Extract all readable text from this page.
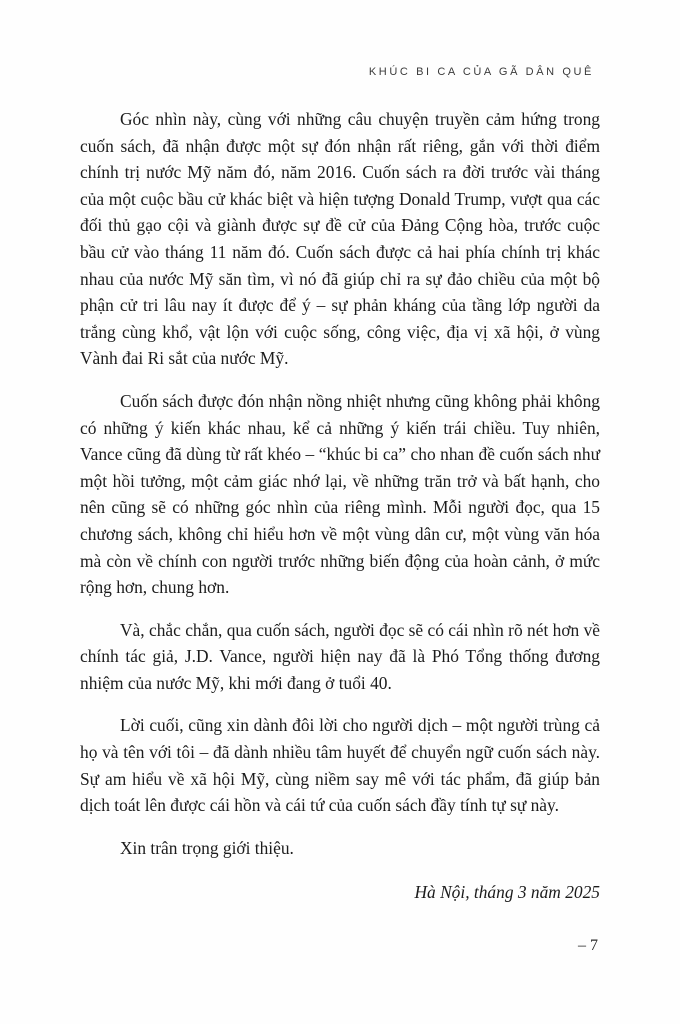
KHÚC BI CA CỦA GÃ DÂN QUÊ

Góc nhìn này, cùng với những câu chuyện truyền cảm hứng trong cuốn sách, đã nhận được một sự đón nhận rất riêng, gắn với thời điểm chính trị nước Mỹ năm đó, năm 2016. Cuốn sách ra đời trước vài tháng của một cuộc bầu cử khác biệt và hiện tượng Donald Trump, vượt qua các đối thủ gạo cội và giành được sự đề cử của Đảng Cộng hòa, trước cuộc bầu cử vào tháng 11 năm đó. Cuốn sách được cả hai phía chính trị khác nhau của nước Mỹ săn tìm, vì nó đã giúp chỉ ra sự đảo chiều của một bộ phận cử tri lâu nay ít được để ý – sự phản kháng của tầng lớp người da trắng cùng khổ, vật lộn với cuộc sống, công việc, địa vị xã hội, ở vùng Vành đai Ri sắt của nước Mỹ.

Cuốn sách được đón nhận nồng nhiệt nhưng cũng không phải không có những ý kiến khác nhau, kể cả những ý kiến trái chiều. Tuy nhiên, Vance cũng đã dùng từ rất khéo – “khúc bi ca” cho nhan đề cuốn sách như một hồi tưởng, một cảm giác nhớ lại, về những trăn trở và bất hạnh, cho nên cũng sẽ có những góc nhìn của riêng mình. Mỗi người đọc, qua 15 chương sách, không chỉ hiểu hơn về một vùng dân cư, một vùng văn hóa mà còn về chính con người trước những biến động của hoàn cảnh, ở mức rộng hơn, chung hơn.

Và, chắc chắn, qua cuốn sách, người đọc sẽ có cái nhìn rõ nét hơn về chính tác giả, J.D. Vance, người hiện nay đã là Phó Tổng thống đương nhiệm của nước Mỹ, khi mới đang ở tuổi 40.

Lời cuối, cũng xin dành đôi lời cho người dịch – một người trùng cả họ và tên với tôi – đã dành nhiều tâm huyết để chuyển ngữ cuốn sách này. Sự am hiểu về xã hội Mỹ, cùng niềm say mê với tác phẩm, đã giúp bản dịch toát lên được cái hồn và cái tứ của cuốn sách đầy tính tự sự này.

Xin trân trọng giới thiệu.

Hà Nội, tháng 3 năm 2025

– 7
